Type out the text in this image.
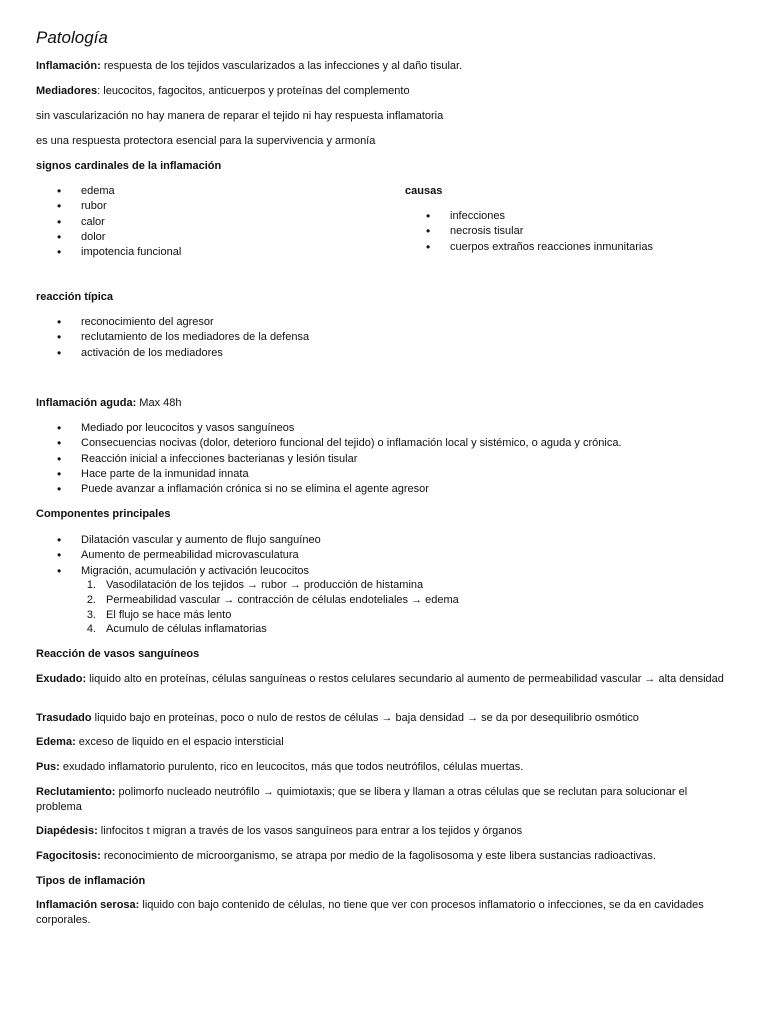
Patología
Inflamación: respuesta de los tejidos vascularizados a las infecciones y al daño tisular.
Mediadores: leucocitos, fagocitos, anticuerpos y proteínas del complemento
sin vascularización no hay manera de reparar el tejido ni hay respuesta inflamatoria
es una respuesta protectora esencial para la supervivencia y armonía
signos cardinales de la inflamación
• edema
• rubor
• calor
• dolor
• impotencia funcional
causas
• infecciones
• necrosis tisular
• cuerpos extraños reacciones inmunitarias
reacción típica
• reconocimiento del agresor
• reclutamiento de los mediadores de la defensa
• activación de los mediadores
Inflamación aguda: Max 48h
• Mediado por leucocitos y vasos sanguíneos
• Consecuencias nocivas (dolor, deterioro funcional del tejido) o inflamación local y sistémico, o aguda y crónica.
• Reacción inicial a infecciones bacterianas y lesión tisular
• Hace parte de la inmunidad innata
• Puede avanzar a inflamación crónica si no se elimina el agente agresor
Componentes principales
• Dilatación vascular y aumento de flujo sanguíneo
• Aumento de permeabilidad microvasculatura
• Migración, acumulación y activación leucocitos
1. Vasodilatación de los tejidos → rubor → producción de histamina
2. Permeabilidad vascular → contracción de células endoteliales → edema
3. El flujo se hace más lento
4. Acumulo de células inflamatorias
Reacción de vasos sanguíneos
Exudado: liquido alto en proteínas, células sanguíneas o restos celulares secundario al aumento de permeabilidad vascular → alta densidad
Trasudado liquido bajo en proteínas, poco o nulo de restos de células → baja densidad → se da por desequilibrio osmótico
Edema: exceso de liquido en el espacio intersticial
Pus: exudado inflamatorio purulento, rico en leucocitos, más que todos neutrófilos, células muertas.
Reclutamiento: polimorfo nucleado neutrófilo → quimiotaxis; que se libera y llaman a otras células que se reclutan para solucionar el problema
Diapédesis: linfocitos t migran a través de los vasos sanguíneos para entrar a los tejidos y órganos
Fagocitosis: reconocimiento de microorganismo, se atrapa por medio de la fagolisosoma y este libera sustancias radioactivas.
Tipos de inflamación
Inflamación serosa: liquido con bajo contenido de células, no tiene que ver con procesos inflamatorio o infecciones, se da en cavidades corporales.
